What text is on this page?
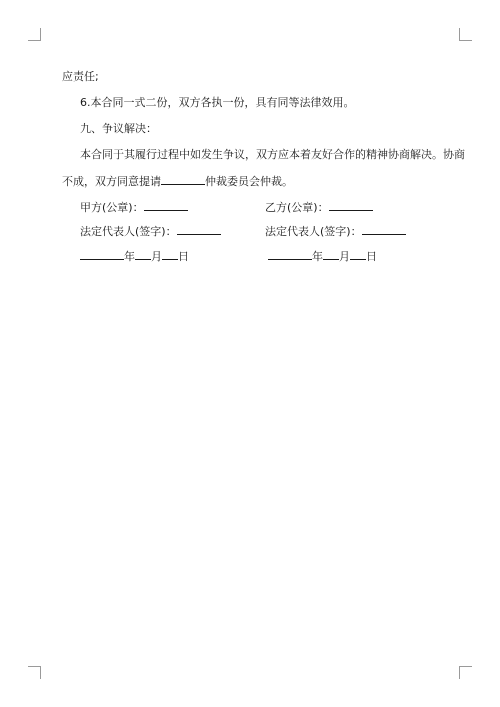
应责任;
6.本合同一式二份，双方各执一份，具有同等法律效用。
九、争议解决：
本合同于其履行过程中如发生争议，双方应本着友好合作的精神协商解决。协商
不成，双方同意提请	仲裁委员会仲裁。
甲方(公章)：	乙方(公章)：
法定代表人(签字)：	法定代表人(签字)：
年 月 日	年 月 日
